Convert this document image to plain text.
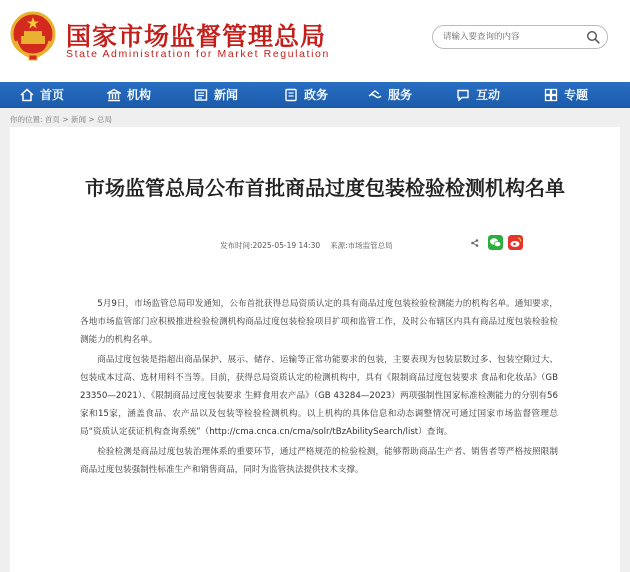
国家市场监督管理总局
State Administration for Market Regulation
请输入要查询的内容
首页	机构	新闻	政务	服务	互动	专题
你的位置: 首页 > 新闻 > 总局
市场监管总局公布首批商品过度包装检验检测机构名单
发布时间:2025-05-19 14:30 来源:市场监管总局

5月9日，市场监管总局印发通知，公布首批获得总局资质认定的具有商品过度包装检验检测能力的机构名单。通知要求，各地市场监管部门应积极推进检验检测机构商品过度包装检验项目扩项和监管工作，及时公布辖区内具有商品过度包装检验检测能力的机构名单。

商品过度包装是指超出商品保护、展示、储存、运输等正常功能要求的包装，主要表现为包装层数过多、包装空隙过大、包装成本过高、选材用料不当等。目前，获得总局资质认定的检测机构中，具有《限制商品过度包装要求 食品和化妆品》（GB 23350—2021）、《限制商品过度包装要求 生鲜食用农产品》（GB 43284—2023）两项强制性国家标准检测能力的分别有56家和15家，涵盖食品、农产品以及包装等检验检测机构。以上机构的具体信息和动态调整情况可通过国家市场监督管理总局“资质认定获证机构查询系统”（http://cma.cnca.cn/cma/solr/tBzAbilitySearch/list）查询。

检验检测是商品过度包装治理体系的重要环节，通过严格规范的检验检测，能够帮助商品生产者、销售者等严格按照限制商品过度包装强制性标准生产和销售商品，同时为监管执法提供技术支撑。
